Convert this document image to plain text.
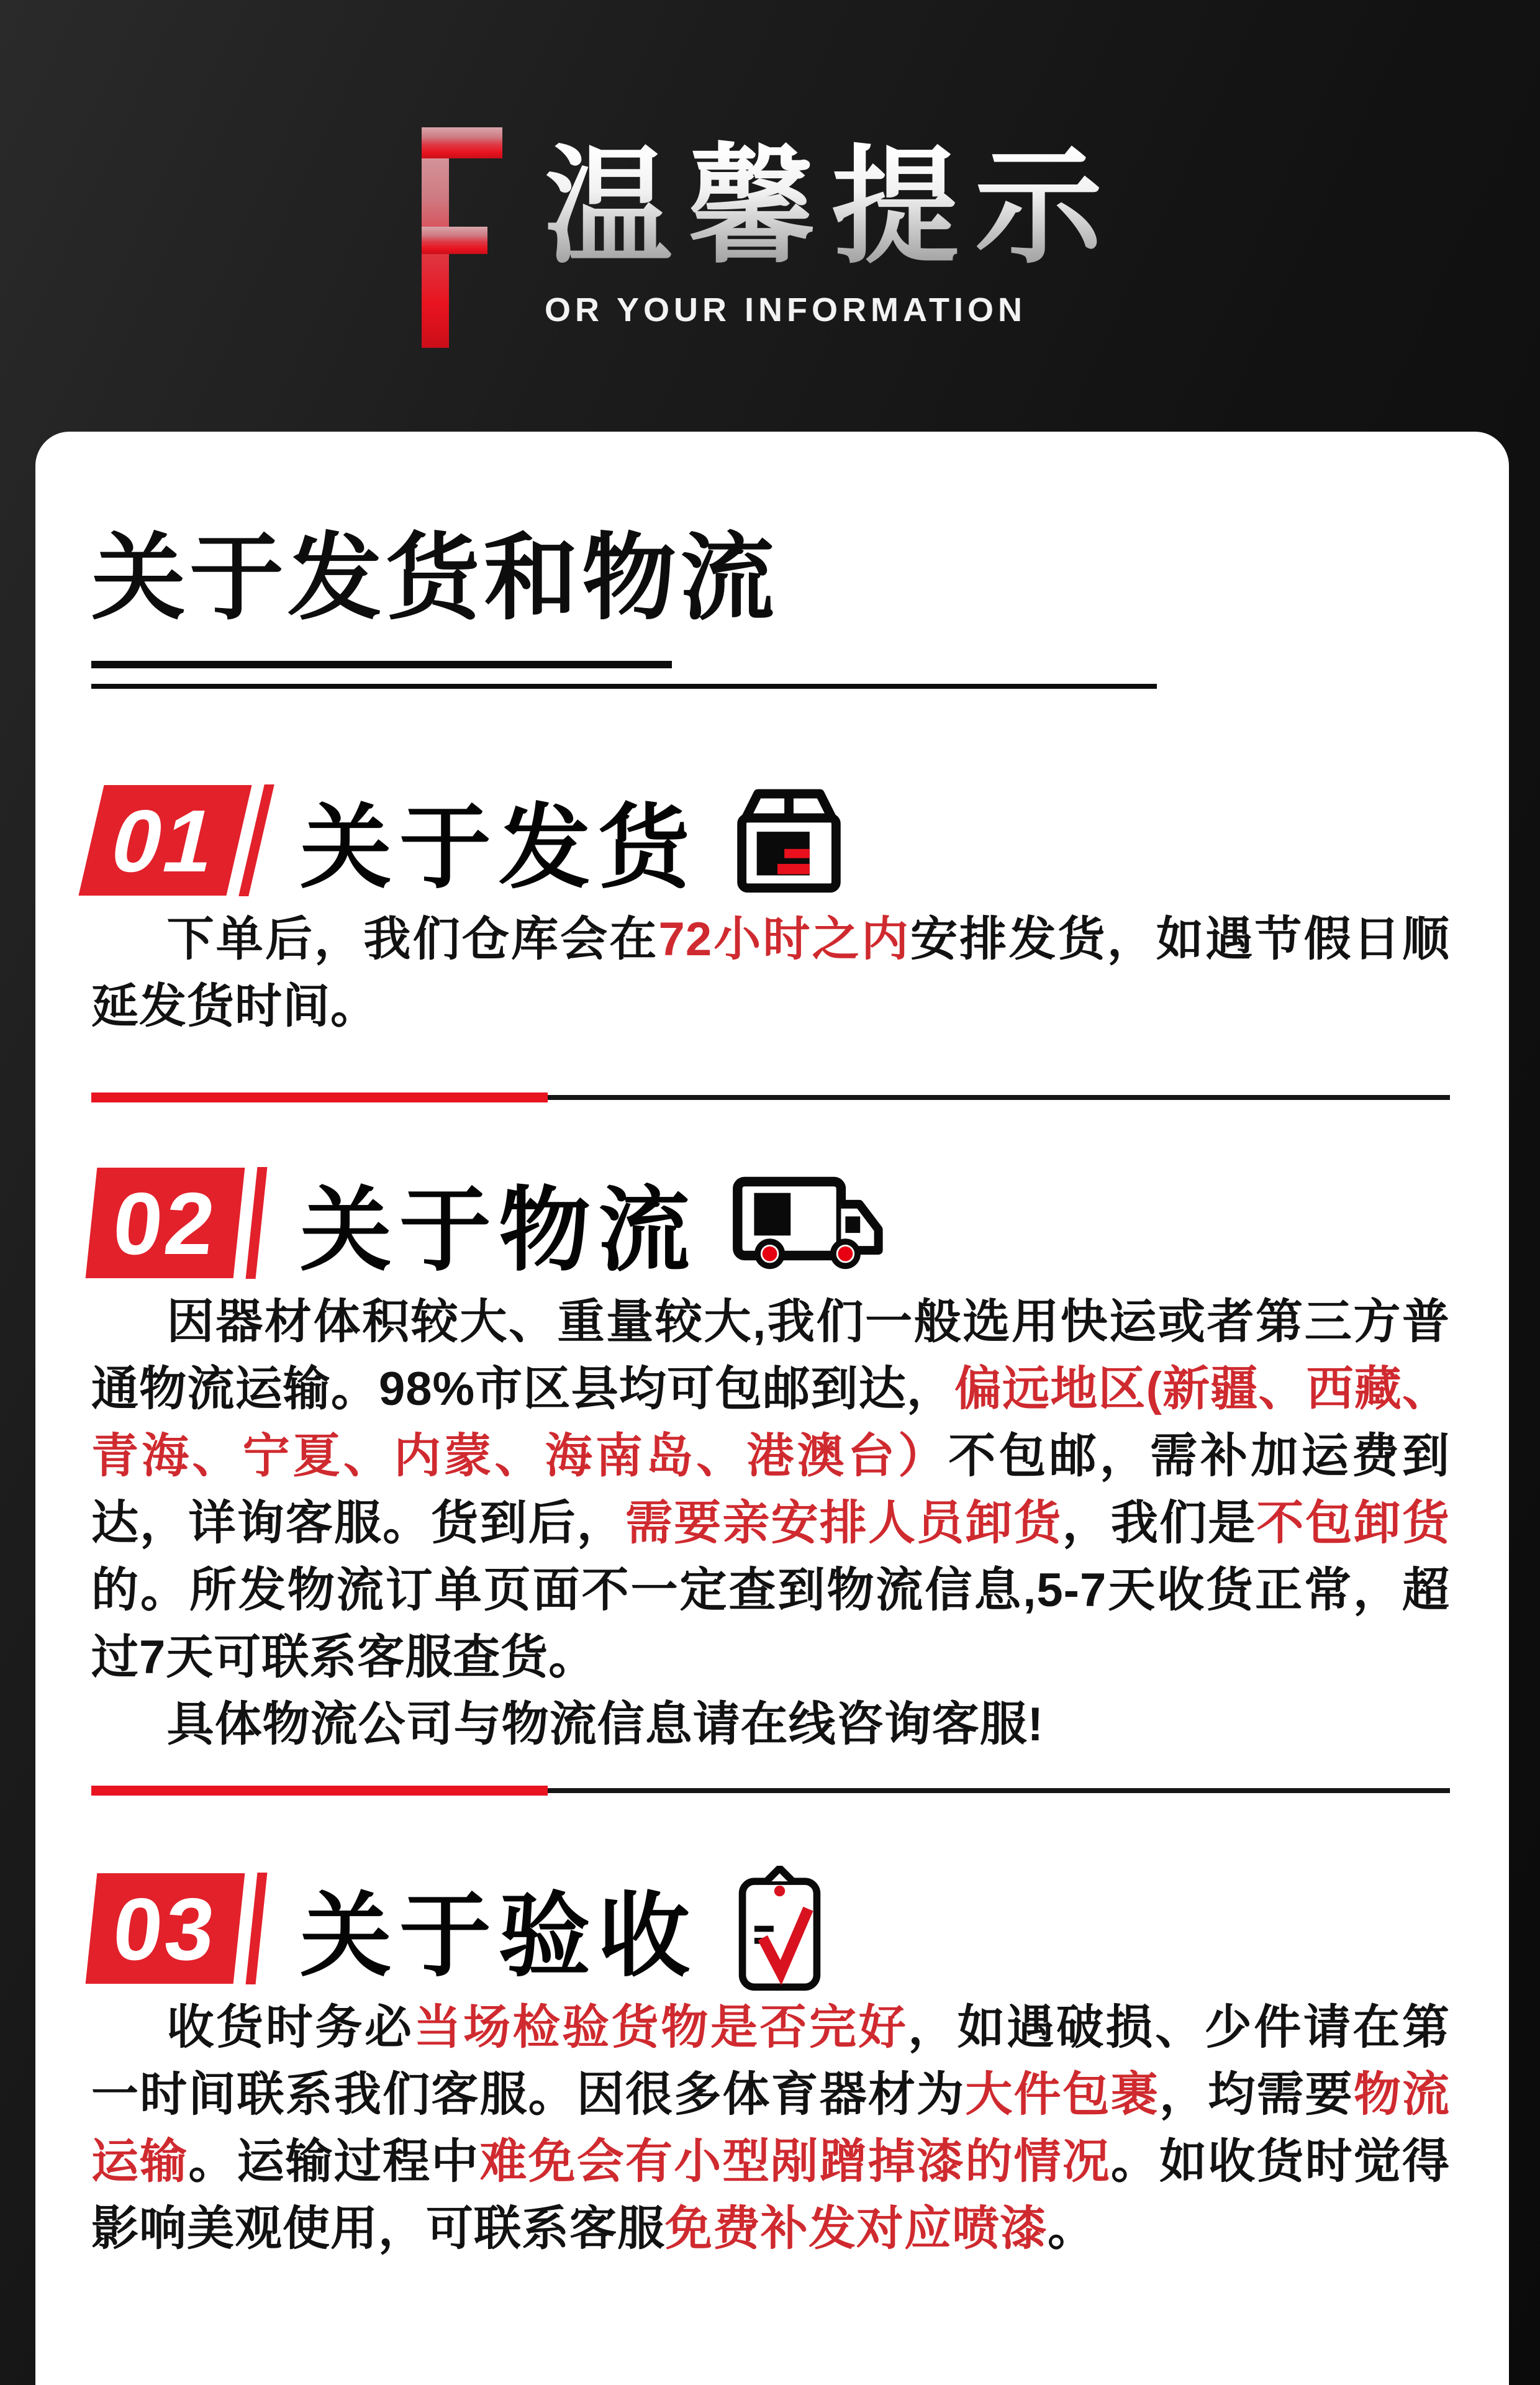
温馨提示
OR YOUR INFORMATION
关于发货和物流
01 关于发货

下单后，我们仓库会在72小时之内安排发货，如遇节假日顺延发货时间。

02 关于物流

因器材体积较大、重量较大,我们一般选用快运或者第三方普通物流运输。98%市区县均可包邮到达，偏远地区(新疆、西藏、青海、宁夏、内蒙、海南岛、港澳台）不包邮，需补加运费到达，详询客服。货到后，需要亲安排人员卸货，我们是不包卸货的。所发物流订单页面不一定查到物流信息,5-7天收货正常，超过7天可联系客服查货。

具体物流公司与物流信息请在线咨询客服!

03 关于验收

收货时务必当场检验货物是否完好，如遇破损、少件请在第一时间联系我们客服。因很多体育器材为大件包裹，均需要物流运输。运输过程中难免会有小型剐蹭掉漆的情况。如收货时觉得影响美观使用，可联系客服免费补发对应喷漆。
